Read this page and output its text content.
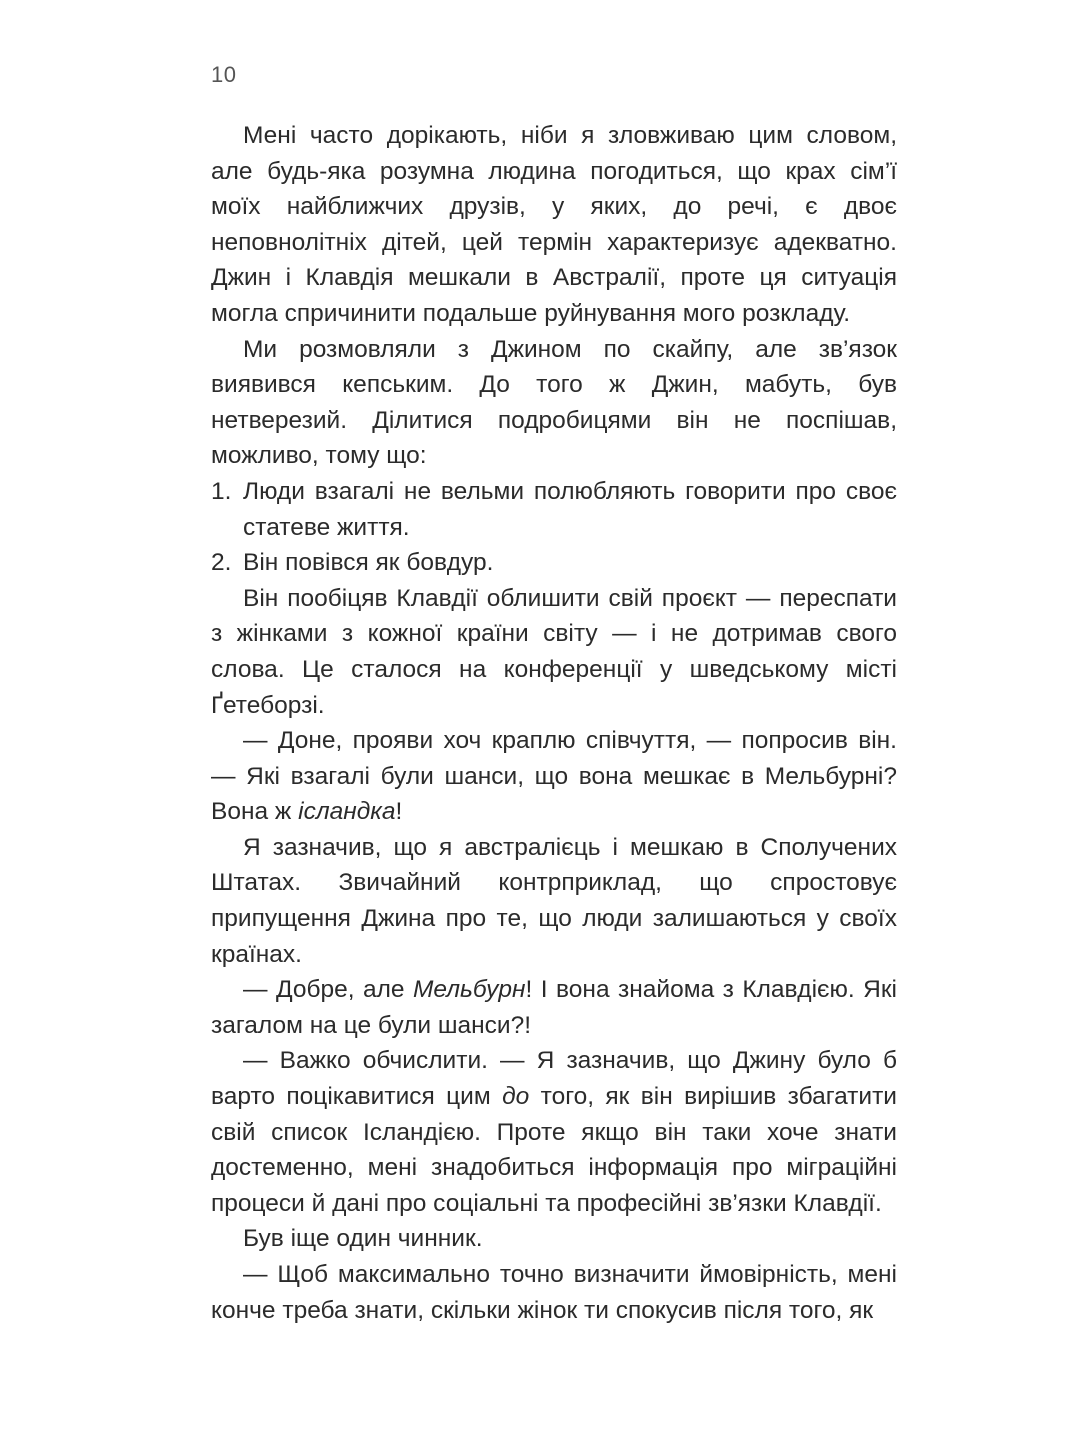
10

Мені часто дорікають, ніби я зловживаю цим словом, але будь-яка розумна людина погодиться, що крах сім’ї моїх найближчих друзів, у яких, до речі, є двоє неповнолітніх дітей, цей термін характеризує адекватно. Джин і Клавдія мешкали в Австралії, проте ця ситуація могла спричинити подальше руйнування мого розкладу.

Ми розмовляли з Джином по скайпу, але зв’язок виявився кепським. До того ж Джин, мабуть, був нетверезий. Ділитися подробицями він не поспішав, можливо, тому що:

1. Люди взагалі не вельми полюбляють говорити про своє статеве життя.
2. Він повівся як бовдур.

Він пообіцяв Клавдії облишити свій проєкт — переспати з жінками з кожної країни світу — і не дотримав свого слова. Це сталося на конференції у шведському місті Ґетеборзі.

— Доне, прояви хоч краплю співчуття, — попросив він. — Які взагалі були шанси, що вона мешкає в Мельбурні? Вона ж ісландка!

Я зазначив, що я австралієць і мешкаю в Сполучених Штатах. Звичайний контрприклад, що спростовує припущення Джина про те, що люди залишаються у своїх країнах.

— Добре, але Мельбурн! І вона знайома з Клавдією. Які загалом на це були шанси?!

— Важко обчислити. — Я зазначив, що Джину було б варто поцікавитися цим до того, як він вирішив збагатити свій список Ісландією. Проте якщо він таки хоче знати достеменно, мені знадобиться інформація про міграційні процеси й дані про соціальні та професійні зв’язки Клавдії.

Був іще один чинник.

— Щоб максимально точно визначити ймовірність, мені конче треба знати, скільки жінок ти спокусив після того, як
